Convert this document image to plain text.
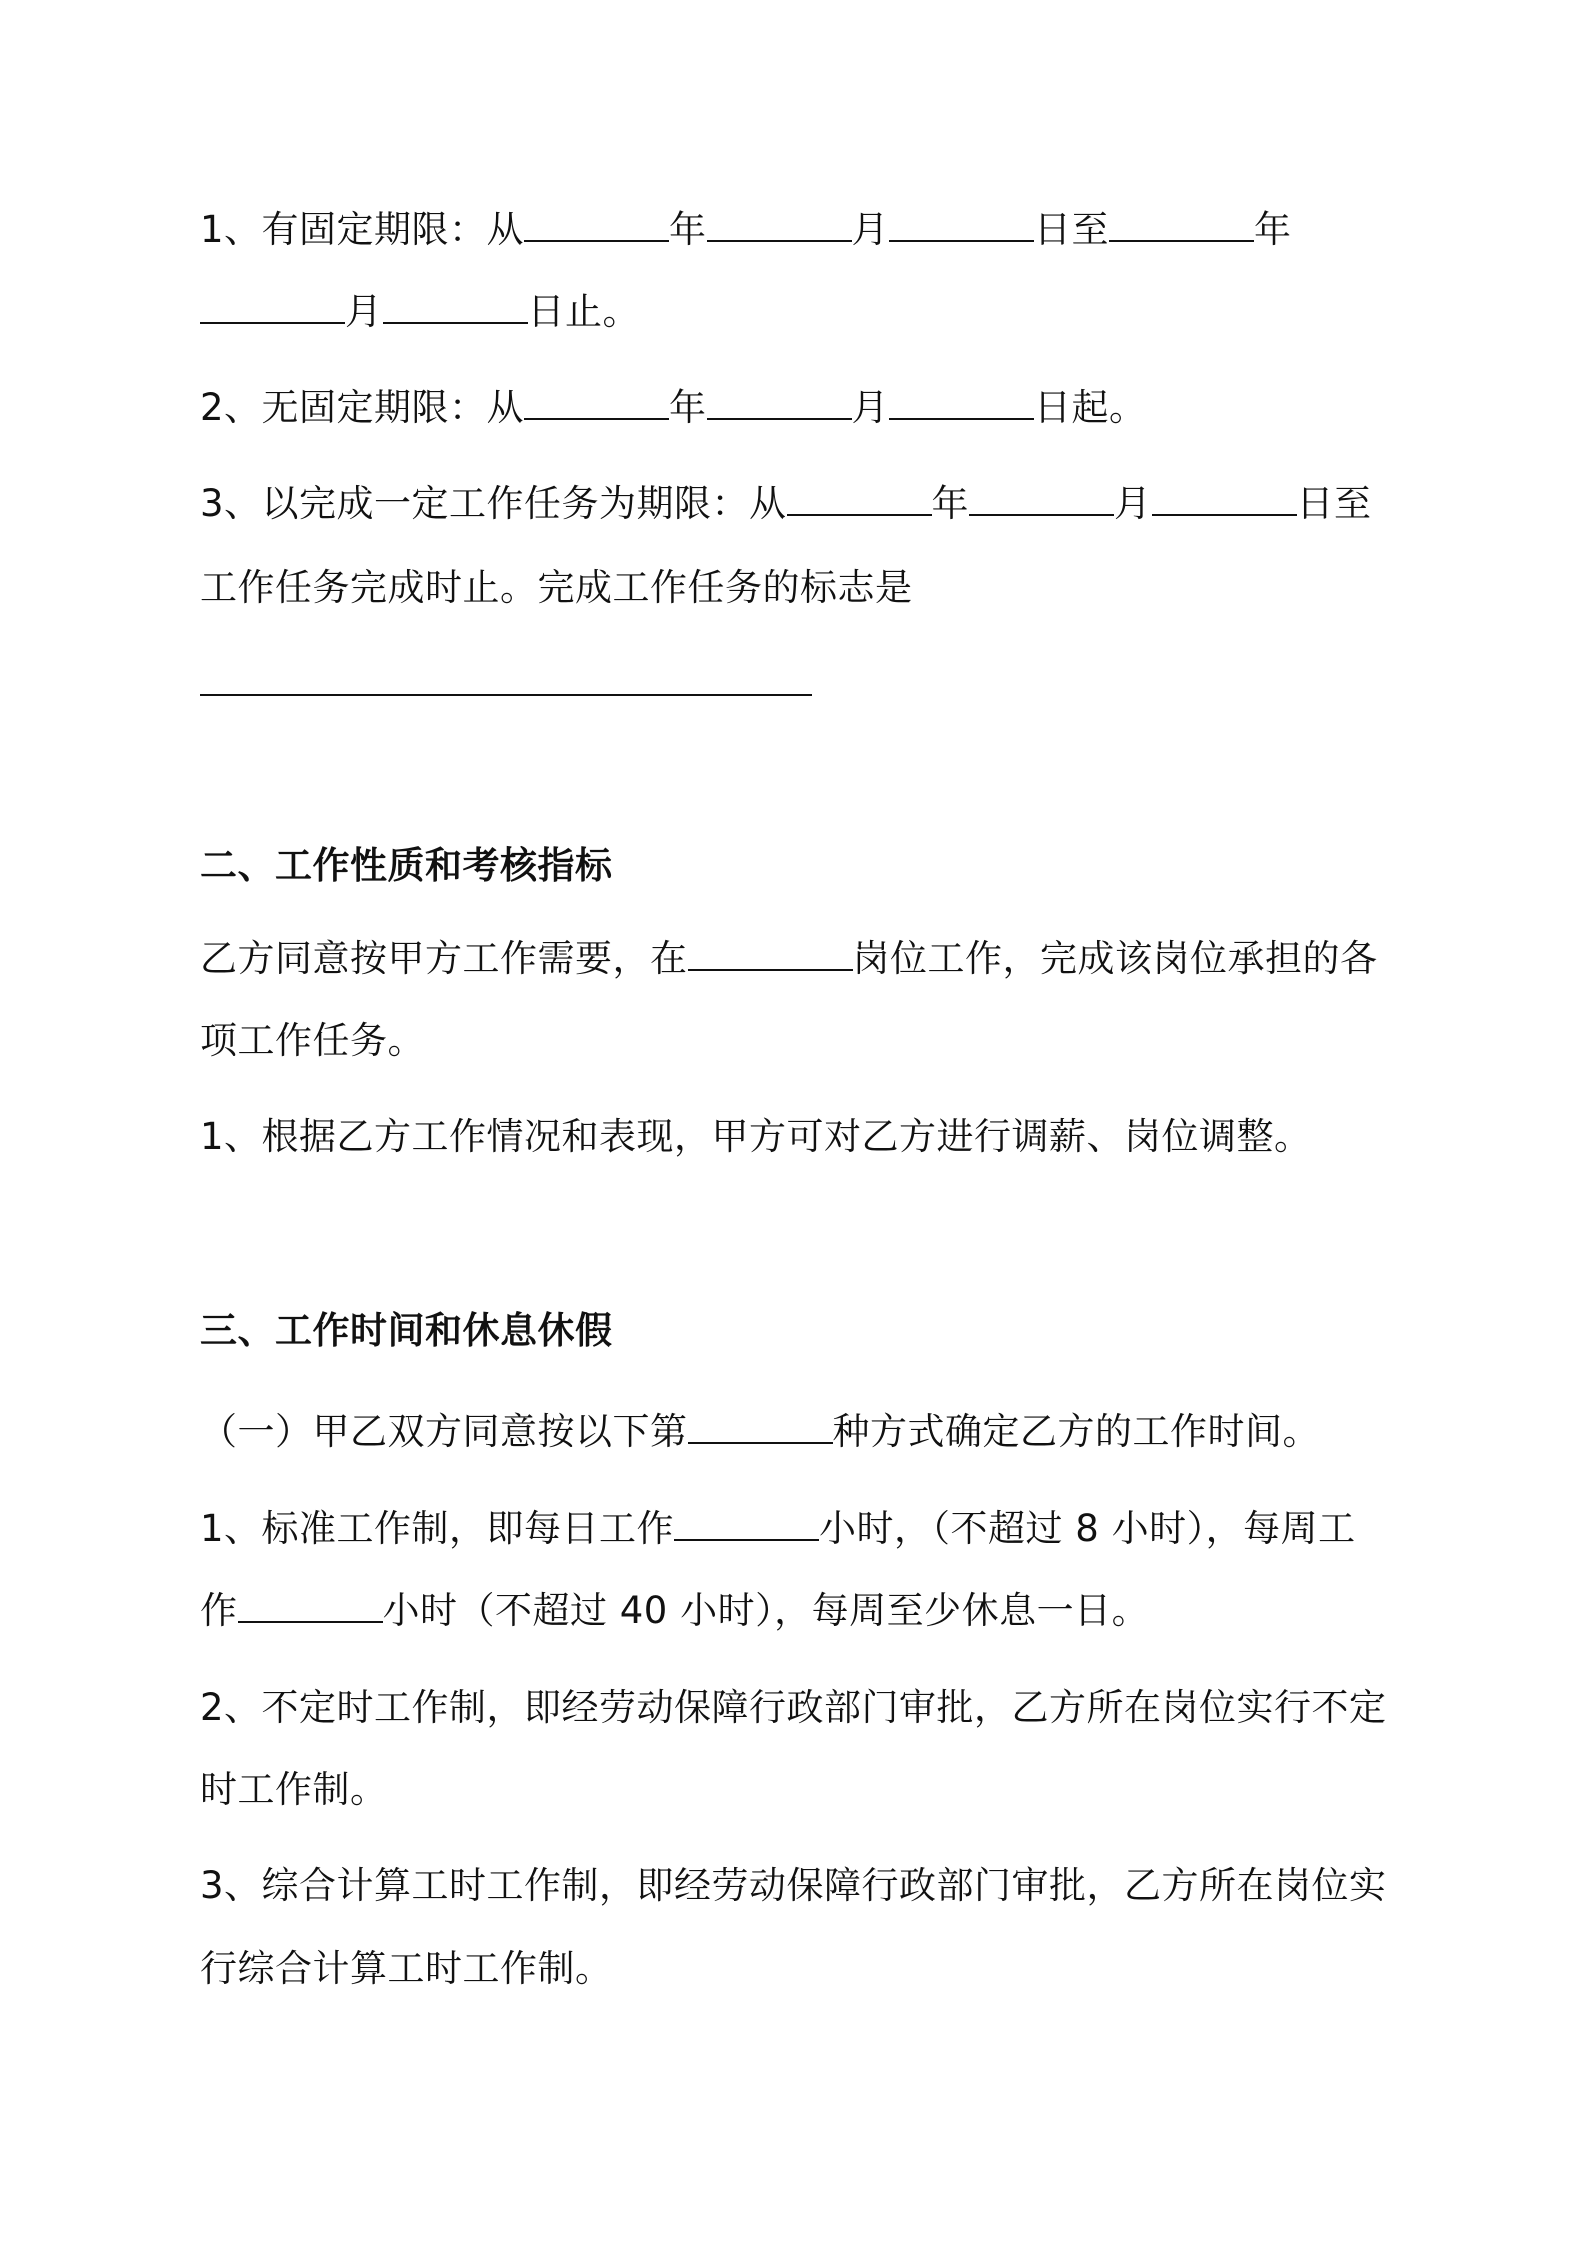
1、有固定期限：从	年	月	日至	年
月	日止。
2、无固定期限：从	年	月	日起。
3、以完成一定工作任务为期限：从	年	月	日至
工作任务完成时止。完成工作任务的标志是
二、工作性质和考核指标
乙方同意按甲方工作需要，在	岗位工作，完成该岗位承担的各
项工作任务。
1、根据乙方工作情况和表现，甲方可对乙方进行调薪、岗位调整。
三、工作时间和休息休假
（一）甲乙双方同意按以下第	种方式确定乙方的工作时间。
1、标准工作制，即每日工作	小时，（不超过 8 小时），每周工
作	小时（不超过 40 小时），每周至少休息一日。
2、不定时工作制，即经劳动保障行政部门审批，乙方所在岗位实行不定
时工作制。
3、综合计算工时工作制，即经劳动保障行政部门审批，乙方所在岗位实
行综合计算工时工作制。
